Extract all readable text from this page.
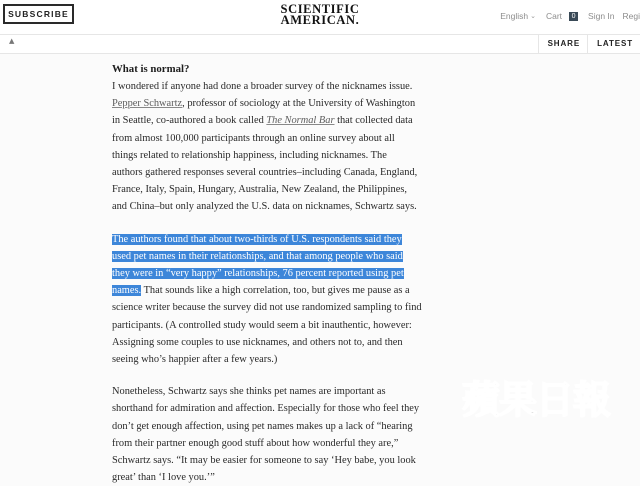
SUBSCRIBE	SCIENTIFIC
AMERICAN.	English ⌄ Cart	0 Sign In Regi
▲	SHARE	LATEST

What is normal?

I wondered if anyone had done a broader survey of the nicknames issue.

Pepper Schwartz, professor of sociology at the University of Washington

in Seattle, co-authored a book called The Normal Bar that collected data

from almost 100,000 participants through an online survey about all

things related to relationship happiness, including nicknames. The

authors gathered responses several countries–including Canada, England,

France, Italy, Spain, Hungary, Australia, New Zealand, the Philippines,

and China–but only analyzed the U.S. data on nicknames, Schwartz says.

The authors found that about two-thirds of U.S. respondents said they

used pet names in their relationships, and that among people who said

they were in “very happy” relationships, 76 percent reported using pet

names. That sounds like a high correlation, too, but gives me pause as a

science writer because the survey did not use randomized sampling to find

participants. (A controlled study would seem a bit inauthentic, however:

Assigning some couples to use nicknames, and others not to, and then

seeing who’s happier after a few years.)

Nonetheless, Schwartz says she thinks pet names are important as

shorthand for admiration and affection. Especially for those who feel they

don’t get enough affection, using pet names makes up a lack of “hearing

from their partner enough good stuff about how wonderful they are,”

Schwartz says. “It may be easier for someone to say ‘Hey babe, you look

great’ than ‘I love you.’”

蘋果日報
